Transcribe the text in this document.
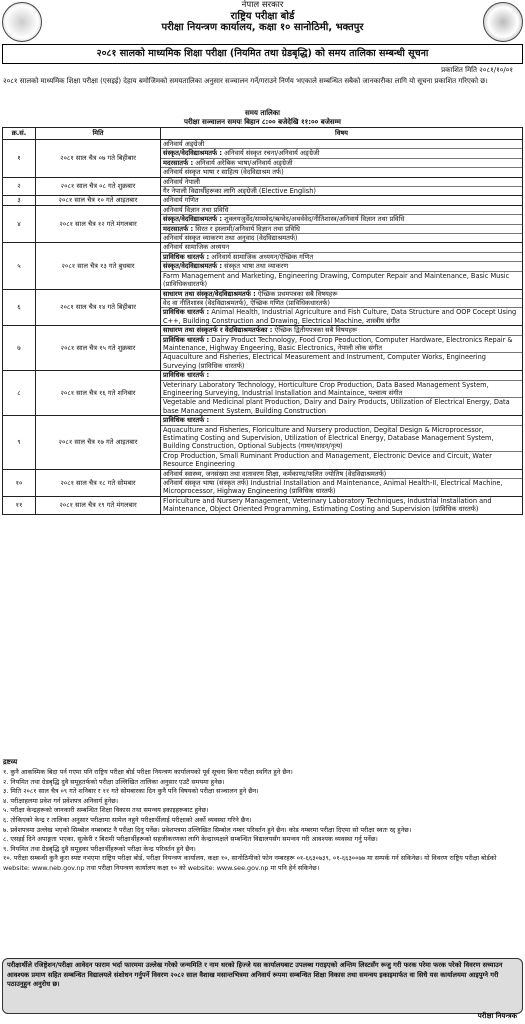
नेपाल सरकार
राष्ट्रिय परीक्षा बोर्ड
परीक्षा नियन्त्रण कार्यालय, कक्षा १० सानोठिमी, भक्तपुर
२०८१ सालको माध्यमिक शिक्षा परीक्षा (नियमित तथा ग्रेडबृद्धि) को समय तालिका सम्बन्धी सूचना
प्रकाशित मिति २०८१/१०/०१
२०८१ सालको माध्यमिक शिक्षा परीक्षा (एसइई) देहाय बमोजिमको समयतालिका अनुसार सञ्चालन गर्ने/गराउने निर्णय भएकाले सम्बन्धित सबैको जानकारीका लागि यो सूचना प्रकाशित गरिएको छ।
समय तालिका
परीक्षा सञ्चालन समयः बिहान ८:०० बजेदेखि ११:०० बजेसम्म
क्र.सं.	मिति	विषय
१	२०८१ साल चैत्र ०७ गते बिहीबार	अनिवार्य अङ्ग्रेजी
संस्कृत/वेदविद्याश्रमतर्फ : अनिवार्य संस्कृत रचना/अनिवार्य अङ्ग्रेजी
मदरसातर्फ : अनिवार्य अरेबिक भाषा/अनिवार्य अङ्ग्रेजी
अनिवार्य संस्कृत भाषा र साहित्य (वेदविद्याश्रम तर्फ)

२	२०८१ साल चैत्र ०८ गते शुक्रबार	अनिवार्य नेपाली
गैर नेपाली विद्यार्थीहरूका लागि अङ्ग्रेजी (Elective English)

३	२०८१ साल चैत्र १० गते आइतबार	अनिवार्य गणित

४	२०८१ साल चैत्र १२ गते मंगलबार	अनिवार्य विज्ञान तथा प्रविधि
संस्कृत/वेदविद्याश्रमतर्फ : शुक्लयजुर्वेद/सामवेद/ऋग्वेद/अथर्ववेद/नीतिशास्त्र/अनिवार्य विज्ञान तथा प्रविधि
मदरसातर्फ : सिरत र इस्लामी/अनिवार्य विज्ञान तथा प्रविधि
अनिवार्य संस्कृत व्याकरण तथा अनुवाद (वेदविद्याश्रमतर्फ)

५	२०८१ साल चैत्र १३ गते बुधबार	अनिवार्य सामाजिक अध्ययन
प्राविधिक धारतर्फ : अनिवार्य सामाजिक अध्ययन/ऐच्छिक गणित
संस्कृत/वेदविद्याश्रमतर्फ : संस्कृत भाषा तथा व्याकरण
Farm Management and Marketing, Engineering Drawing, Computer Repair and Maintenance, Basic Music (प्राविधिकधारतर्फ)

६	२०८१ साल चैत्र १४ गते बिहीबार	साधारण तथा संस्कृत/वेदविद्याश्रमतर्फ : ऐच्छिक प्रथमपत्रका सबै विषयहरू
वेद वा नीतिशास्त्र (वेदविद्याश्रमतर्फ), ऐच्छिक गणित (प्राविधिकधारतर्फ)
प्राविधिक धारतर्फ : Animal Health, Industrial Agriculture and Fish Culture, Data Structure and OOP Cocept Using C++, Building Construction and Drawing, Electrical Machine, शास्त्रीय संगीत

७	२०८१ साल चैत्र १५ गते शुक्रबार	साधारण तथा संस्कृतर्फ र वेदविद्याश्रमतर्फका : ऐच्छिक द्वितीयपत्रका सबै विषयहरू
प्राविधिक धारतर्फ : Dairy Product Technology, Food Crop Peoduction, Computer Hardware, Electronics Repair & Maintenance, Highway Engeering, Basic Electronics, नेपाली लोक संगीत
Aquaculture and Fisheries, Electrical Measurement and Instrument, Computer Works, Engineering Surveying (प्राविधिक धारतर्फ)

८	२०८१ साल चैत्र १६ गते शनिबार	प्राविधिक धारतर्फ :
Veterinary Laboratory Technology, Horticulture Crop Production, Data Based Management System, Engineering Surveying, Industrial Installation and Maintaince, पश्चात्य संगीत
Vegetable and Medicinal plant Production, Dairy and Dairy Products, Utilization of Electrical Energy, Data base Management System, Building Construction

९	२०८१ साल चैत्र १७ गते आइतबार	प्राविधिक धारतर्फ :
Aquaculture and Fisheries, Floriculture and Nursery production, Degital Design & Microprocessor, Estimating Costing and Supervision, Utilization of Electrical Energy, Database Management System, Building Construction, Optional Subjects (गायन/वादन/नृत्य)
Crop Production, Small Ruminant Production and Management, Electronic Device and Circuit, Water Resource Engineering

१०	२०८१ साल चैत्र १८ गते सोमबार	अनिवार्य स्वास्थ्य, जनसंख्या तथा वातावरण शिक्षा, कर्मकाण्ड/फलित ज्योतिष (वेदविद्याश्रमतर्फ)
अनिवार्य संस्कृत भाषा (संस्कृत तर्फ) Industrial Installation and Maintenance, Animal Health-II, Electrical Machine, Microprocessor, Highway Engineering (प्राविधिक धारतर्फ)

११	२०८१ साल चैत्र १९ गते मंगलबार	Floriculture and Nursery Management, Veterinary Laboratory Techniques, Industrial Installation and Maintenance, Object Oriented Programming, Estimating Costing and Supervision (प्राविधिक धारतर्फ)
द्रष्टव्य
१. कुनै आकस्मिक बिदा पर्न गएमा पनि राष्ट्रिय परीक्षा बोर्ड परीक्षा नियन्त्रण कार्यालयको पूर्व सूचना बिना परीक्षा स्थगित हुने छैन।
२. नियमित तथा ग्रेडबृद्धि दुवै समूहतर्फको परीक्षा उल्लिखित तालिका अनुसार एउटै समयमा हुनेछ।
३. मिति २०८१ साल चैत्र ०९ गते शनिबार र ११ गते सोमबारका दिन कुनै पनि विषयको परीक्षा सञ्चालन हुने छैन।
४. परीक्षाहलमा प्रवेश गर्न प्रवेशपत्र अनिवार्य हुनेछ।
५. परीक्षा केन्द्रहरूको जानकारी सम्बन्धित शिक्षा विकास तथा समन्वय इकाइहरूबाट हुनेछ।
६. तोकिएको केन्द्र र तालिका अनुसार परीक्षामा सामेल नहुने परीक्षार्थीलाई परीक्षाको अर्को व्यवस्था गरिने छैन।
७. प्रवेशपत्रमा उल्लेख भएको सिम्बोल नम्बरबाट नै परीक्षा दिनु पर्नेछ। प्रवेशपत्रमा उल्लिखित सिम्बोल नम्बर परिवर्तन हुने छैन। कोड नम्बरमा परीक्षा दिएमा सो परीक्षा स्वतः रद्द हुनेछ।
८. एसइई दिने अपाङ्गता भएका, सुत्केरी र बिरामी परीक्षार्थीहरूको सहजीकरणका लागि केन्द्राध्यक्षले सम्बन्धित विद्यालयसँग समन्वय गरी आवश्यक व्यवस्था गर्नु पर्नेछ।
९. नियमित तथा ग्रेडबृद्धि दुवै समूहका परीक्षार्थीहरूको परीक्षा केन्द्र परिवर्तन हुने छैन।
१०. परीक्षा सम्बन्धी कुनै कुरा स्पष्ट नभएमा राष्ट्रिय परीक्षा बोर्ड, परीक्षा नियन्त्रण कार्यालय, कक्षा १०, सानोठिमीको फोन नम्बरहरू ०१-६६३०७३९, ०१-६६३००७७ मा सम्पर्क गर्न सकिनेछ। यो विवरण राष्ट्रिय परीक्षा बोर्डको website: www.neb.gov.np तथा परीक्षा नियन्त्रण कार्यालय कक्षा १० को website: www.see.gov.np मा पनि हेर्न सकिनेछ।
परीक्षार्थीले रजिष्ट्रेशन/परीक्षा आवेदन फाराम भर्दा फारममा उल्लेख गरेको जन्ममिति र नाम थरको हिज्जे यस कार्यालयबाट उपलब्ध गराइएको अन्तिम लिस्टसँग रूजु गरी फरक परेमा फरक परेको विवरण सच्याउन आवश्यक प्रमाण सहित सम्बन्धित विद्यालयले संशोधन गर्नुपर्ने विवरण २०८२ साल वैशाख मसान्तभित्रमा अनिवार्य रूपमा सम्बन्धित शिक्षा विकास तथा समन्वय इकाइमार्फत वा सिधै यस कार्यालयमा आइपुग्ने गरी पठाउनुहुन अनुरोध छ।
परीक्षा नियन्त्रक
